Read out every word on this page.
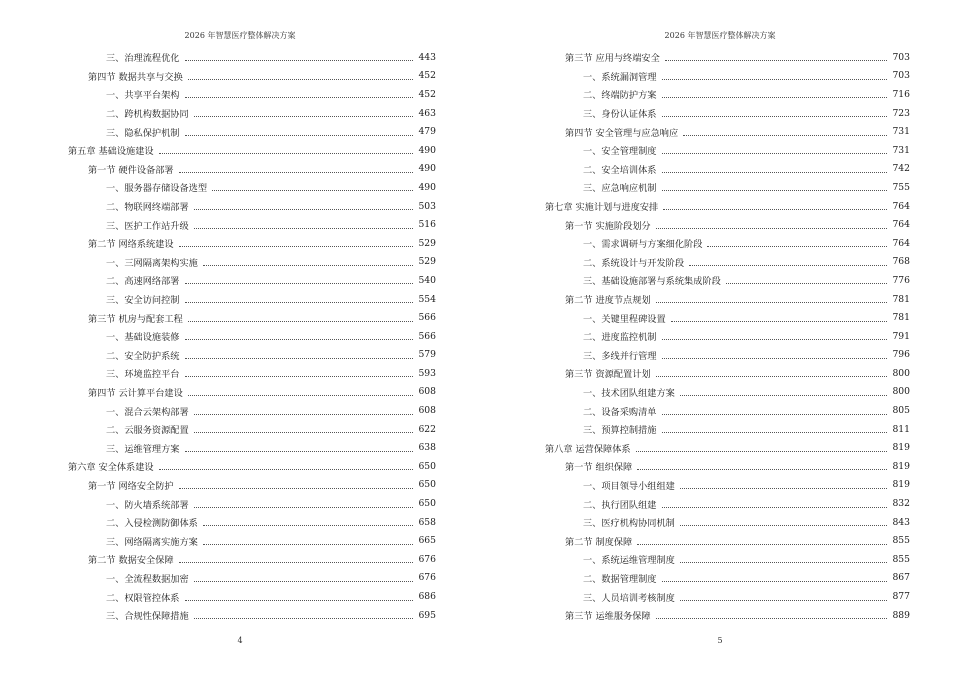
2026 年智慧医疗整体解决方案
三、治理流程优化	443
第四节 数据共享与交换	452
一、共享平台架构	452
二、跨机构数据协同	463
三、隐私保护机制	479
第五章 基础设施建设	490
第一节 硬件设备部署	490
一、服务器存储设备选型	490
二、物联网终端部署	503
三、医护工作站升级	516
第二节 网络系统建设	529
一、三网隔离架构实施	529
二、高速网络部署	540
三、安全访问控制	554
第三节 机房与配套工程	566
一、基础设施装修	566
二、安全防护系统	579
三、环境监控平台	593
第四节 云计算平台建设	608
一、混合云架构部署	608
二、云服务资源配置	622
三、运维管理方案	638
第六章 安全体系建设	650
第一节 网络安全防护	650
一、防火墙系统部署	650
二、入侵检测防御体系	658
三、网络隔离实施方案	665
第二节 数据安全保障	676
一、全流程数据加密	676
二、权限管控体系	686
三、合规性保障措施	695
4
2026 年智慧医疗整体解决方案
第三节 应用与终端安全	703
一、系统漏洞管理	703
二、终端防护方案	716
三、身份认证体系	723
第四节 安全管理与应急响应	731
一、安全管理制度	731
二、安全培训体系	742
三、应急响应机制	755
第七章 实施计划与进度安排	764
第一节 实施阶段划分	764
一、需求调研与方案细化阶段	764
二、系统设计与开发阶段	768
三、基础设施部署与系统集成阶段	776
第二节 进度节点规划	781
一、关键里程碑设置	781
二、进度监控机制	791
三、多线并行管理	796
第三节 资源配置计划	800
一、技术团队组建方案	800
二、设备采购清单	805
三、预算控制措施	811
第八章 运营保障体系	819
第一节 组织保障	819
一、项目领导小组组建	819
二、执行团队组建	832
三、医疗机构协同机制	843
第二节 制度保障	855
一、系统运维管理制度	855
二、数据管理制度	867
三、人员培训考核制度	877
第三节 运维服务保障	889
5
